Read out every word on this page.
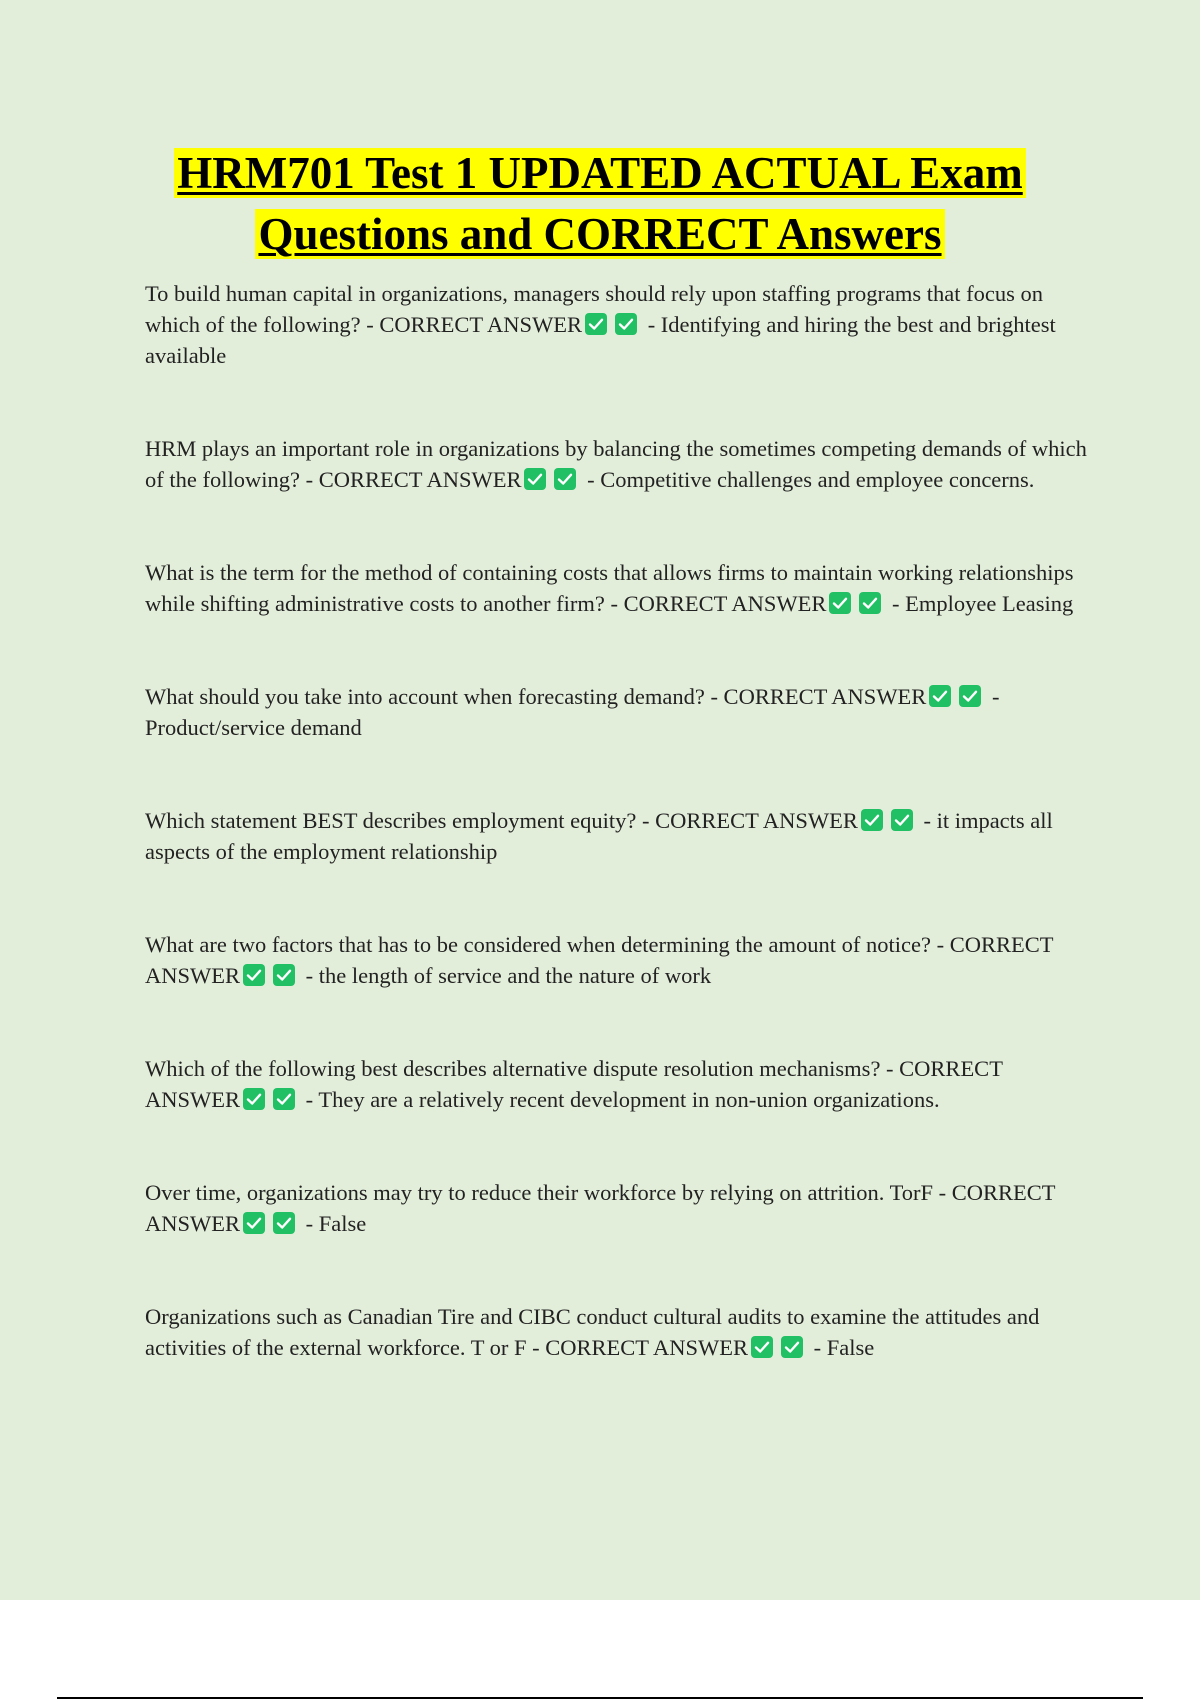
HRM701 Test 1 UPDATED ACTUAL Exam
Questions and CORRECT Answers

To build human capital in organizations, managers should rely upon staffing programs that focus on which of the following? - CORRECT ANSWER	- Identifying and hiring the best and brightest available

HRM plays an important role in organizations by balancing the sometimes competing demands of which of the following? - CORRECT ANSWER	- Competitive challenges and employee concerns.

What is the term for the method of containing costs that allows firms to maintain working relationships while shifting administrative costs to another firm? - CORRECT ANSWER	- Employee Leasing

What should you take into account when forecasting demand? - CORRECT ANSWER	- Product/service demand

Which statement BEST describes employment equity? - CORRECT ANSWER	- it impacts all aspects of the employment relationship

What are two factors that has to be considered when determining the amount of notice? - CORRECT ANSWER	- the length of service and the nature of work

Which of the following best describes alternative dispute resolution mechanisms? - CORRECT ANSWER	- They are a relatively recent development in non-union organizations.

Over time, organizations may try to reduce their workforce by relying on attrition. TorF - CORRECT ANSWER	- False

Organizations such as Canadian Tire and CIBC conduct cultural audits to examine the attitudes and activities of the external workforce. T or F - CORRECT ANSWER	- False
